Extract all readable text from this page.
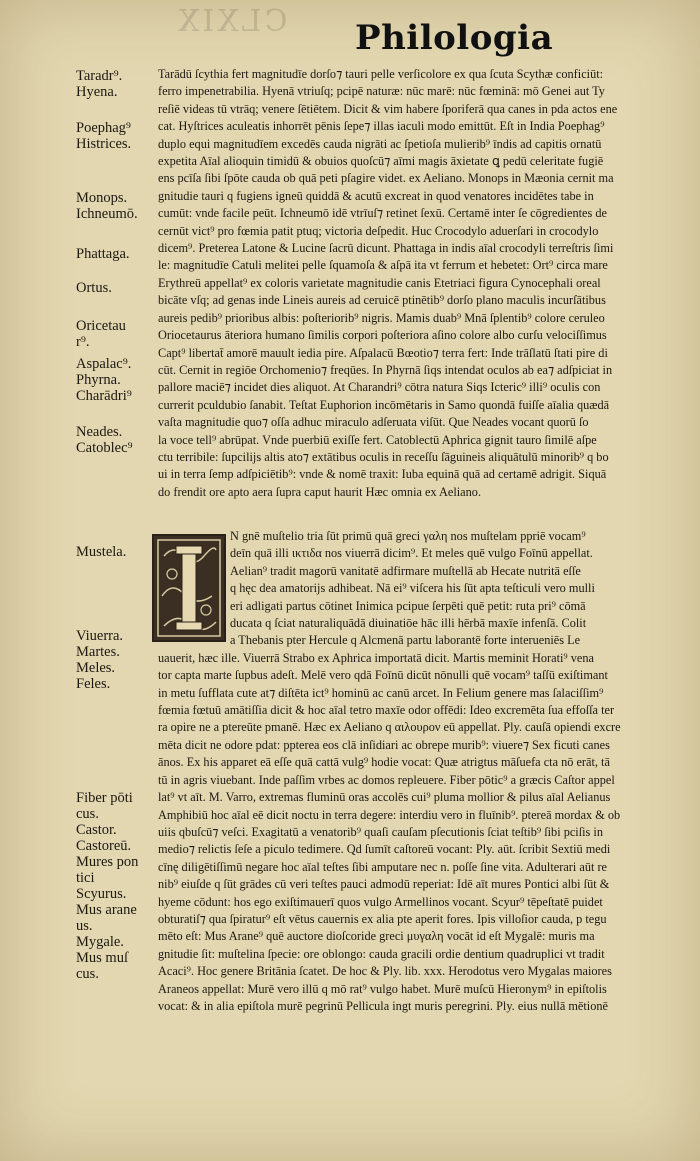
CLXIX Philologia
Taradr⁹.
Hyena.
Poephag⁹
Histrices.
Monops.
Ichneumō.
Phattaga.
Ortus.
Oricetau
r⁹.
Aspalac⁹.
Phyrna.
Charādri⁹
Neades.
Catoblec⁹
Mustela.
Viuerra.
Martes.
Meles.
Feles.
Fiber pōti
cus.
Castor.
Castoreū.
Mures pon
tici
Scyurus.
Mus arane
us.
Mygale.
Mus muſ
cus.
Tarādū ſcythia fert magnitudīe dorſo⁊ tauri pelle verſicolore ex qua ſcuta Scythæ conficiūt:
ferro impenetrabilia. Hyenā vtriuſq; pcipē naturæ: nūc marē: nūc fœminā: mō Genei aut Ty
reſiē videas tū vtrāq; venere ſētiētem. Dicit & vim habere ſporiferā qua canes in pda actos ene
cat. Hyſtrices aculeatis inhorrēt pēnis ſepe⁊ illas iaculi modo emittūt. Eſt in India Poephag⁹
duplo equi magnitudīem excedēs cauda nigrāti ac ſpetioſa mulierib⁹ īndis ad capitis ornatū
expetita Aīal alioquin timidū & obuios quoſcū⁊ aīmi magis āxietate ꝗ pedū celeritate fugiē
ens pcīſa ſibi ſpōte cauda ob quā peti pſagire videt. ex Aeliano. Monops in Mæonia cernit ma
gnitudie tauri q fugiens igneū quiddā & acutū excreat in quod venatores incidētes tabe in
cumūt: vnde facile peūt. Ichneumō idē vtrīuſ⁊ retinet ſexū. Certamē inter ſe cōgredientes de
cernūt vict⁹ pro fœmia patit ptuq; victoria deſpedit. Huc Crocodylo aduerſari in crocodylo
dicem⁹. Preterea Latone & Lucine ſacrū dicunt. Phattaga in indis aīal crocodyli terreſtris ſimi
le: magnitudīe Catuli melitei pelle ſquamoſa & aſpā ita vt ferrum et hebetet: Ort⁹ circa mare
Erythreū appellat⁹ ex coloris varietate magnitudie canis Etetriaci figura Cynocephali oreal
bicāte vſq; ad genas inde Lineis aureis ad ceruicē ptinētib⁹ dorſo plano maculis incurſātibus
aureis pedib⁹ prioribus albis: poſteriorib⁹ nigris. Mamis duab⁹ Mnā ſplentib⁹ colore ceruleo
Oriocetaurus āteriora humano ſimilis corpori poſteriora aſino colore albo curſu velociſſimus
Capt⁹ libertat̄ amorē mauult iedia pire. Aſpalacū Bœotio⁊ terra fert: Inde trāſlatū ſtati pire di
cūt. Cernit in regiōe Orchomenio⁊ freqūes. In Phyrnā ſiqs intendat oculos ab ea⁊ adſpiciat in
pallore maciē⁊ incidet dies aliquot. At Charandri⁹ cōtra natura Siqs Icteric⁹ illi⁹ oculis con
currerit pculdubio ſanabit. Teſtat Euphorion incōmētaris in Samo quondā fuiſſe aīalia quædā
vaſta magnitudie quo⁊ oſſa adhuc miraculo adſeruata viſūt. Que Neades vocant quorū ſo
la voce tell⁹ abrūpat. Vnde puerbiū exiſſe fert. Catoblectū Aphrica gignit tauro ſimilē aſpe
ctu terribile: ſupcilijs altis ato⁊ extātibus oculis in receſſu ſāguineis aliquātulū minorib⁹ q bo
ui in terra ſemp adſpiciētib⁹: vnde & nomē traxit: Iuba equinā quā ad certamē adrigit. Siquā
do frendit ore apto aera ſupra caput haurit Hæc omnia ex Aeliano.
N gnē muſtelio tria ſūt primū quā greci γαλη nos muſtelam ppriē vocam⁹
deīn quā illi ικτιδα nos viuerrā dicim⁹. Et meles quē vulgo Foīnū appellat.
Aelian⁹ tradit magorū vanitatē adfirmare muſtellā ab Hecate nutritā eſſe
q hęc dea amatorijs adhibeat. Nā ei⁹ viſcera his ſūt apta teſticuli vero mulli
eri adligati partus cōtinet Inimica pcipue ſerpēti quē petit: ruta pri⁹ cōmā
ducata q ſciat naturaliquādā diuinatiōe hāc illi hērbā maxīe infenſā. Colit
a Thebanis pter Hercule q Alcmenā partu laborantē forte interueniēs Le
uauerit, hæc ille. Viuerrā Strabo ex Aphrica importatā dicit. Martis meminit Horati⁹ vena
tor capta marte ſupbus adeſt. Melē vero qdā Foīnū dicūt nōnulli quē vocam⁹ taſſū exiſtimant
in metu ſufflata cute at⁊ diſtēta ict⁹ hominū ac canū arcet. In Felium genere mas ſalaciſſim⁹
fœmia fœtuū amātiſſia dicit & hoc aīal tetro maxīe odor offēdi: Ideo excremēta ſua effoſſa ter
ra opire ne a ptereūte pmanē. Hæc ex Aeliano q αιλουρον eū appellat. Ply. cauſā opiendi excre
mēta dicit ne odore pdat: ppterea eos clā inſidiari ac obrepe murib⁹: viuere⁊ Sex ficuti canes
ānos. Ex his apparet eā eſſe quā cattā vulg⁹ hodie vocat: Quæ atrigtus māſuefa cta nō erāt, tā
tū in agris viuebant. Inde paſſim vrbes ac domos repleuere. Fiber pōtic⁹ a græcis Caſtor appel
lat⁹ vt aīt. M. Varro, extremas fluminū oras accolēs cui⁹ pluma mollior & pilus aīal Aelianus
Amphibiū hoc aīal eē dicit noctu in terra degere: interdiu vero in fluīnib⁹. ptereā mordax & ob
uiis qbuſcū⁊ veſci. Exagitatū a venatorib⁹ quaſi cauſam pſecutionis ſciat teſtib⁹ ſibi pciſis in
medio⁊ relictis ſeſe a piculo tedimere. Qd ſumīt caſtoreū vocant: Ply. aūt. ſcribit Sextiū medi
cīnę diligētiſſimū negare hoc aīal teſtes ſibi amputare nec n. poſſe ſine vita. Adulterari aūt re
nib⁹ eiuſde q ſūt grādes cū veri teſtes pauci admodū reperiat: Idē aīt mures Pontici albi ſūt &
hyeme cōdunt: hos ego exiſtimauerī quos vulgo Armellinos vocant. Scyur⁹ tēpeſtatē puidet
obturatiſ⁊ qua ſpiratur⁹ eſt vētus cauernis ex alia pte aperit fores. Ipis villoſior cauda, p tegu
mēto eſt: Mus Arane⁹ quē auctore dioſcoride greci μυγαλη vocāt id eſt Mygalē: muris ma
gnitudie ſit: muſtelina ſpecie: ore oblongo: cauda gracili ordie dentium quadruplici vt tradit
Acaci⁹. Hoc genere Britānia ſcatet. De hoc & Ply. lib. xxx. Herodotus vero Mygalas maiores
Araneos appellat: Murē vero illū q mō rat⁹ vulgo habet. Murē muſcū Hieronym⁹ in epiſtolis
vocat: & in alia epiſtola murē pegrinū Pellicula ingt muris peregrini. Ply. eius nullā mētionē
